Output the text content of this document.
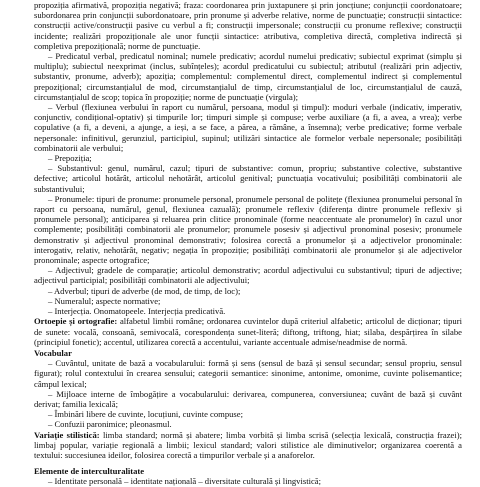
propoziția afirmativă, propoziția negativă; fraza: coordonarea prin juxtapunere și prin joncțiune; conjuncții coordonatoare; subordonarea prin conjuncții subordonatoare, prin pronume și adverbe relative, norme de punctuație; construcții sintactice: construcții active/construcții pasive cu verbul a fi; construcții impersonale; construcții cu pronume reflexive; construcții incidente; realizări propoziționale ale unor funcții sintactice: atributiva, completiva directă, completiva indirectă și completiva prepozițională; norme de punctuație.

– Predicatul verbal, predicatul nominal; numele predicativ; acordul numelui predicativ; subiectul exprimat (simplu și multiplu); subiectul neexprimat (inclus, subînțeles); acordul predicatului cu subiectul; atributul (realizări prin adjectiv, substantiv, pronume, adverb); apoziția; complementul: complementul direct, complementul indirect și complementul prepozițional; circumstanțialul de mod, circumstanțialul de timp, circumstanțialul de loc, circumstanțialul de cauză, circumstanțialul de scop; topica în propoziție; norme de punctuație (virgula);

– Verbul (flexiunea verbului în raport cu numărul, persoana, modul și timpul): moduri verbale (indicativ, imperativ, conjunctiv, condițional-optativ) și timpurile lor; timpuri simple și compuse; verbe auxiliare (a fi, a avea, a vrea); verbe copulative (a fi, a deveni, a ajunge, a ieși, a se face, a părea, a rămâne, a însemna); verbe predicative; forme verbale nepersonale: infinitivul, gerunziul, participiul, supinul; utilizări sintactice ale formelor verbale nepersonale; posibilități combinatorii ale verbului;

– Prepoziția;

– Substantivul: genul, numărul, cazul; tipuri de substantive: comun, propriu; substantive colective, substantive defective; articolul hotărât, articolul nehotărât, articolul genitival; punctuația vocativului; posibilități combinatorii ale substantivului;

– Pronumele: tipuri de pronume: pronumele personal, pronumele personal de politețe (flexiunea pronumelui personal în raport cu persoana, numărul, genul, flexiunea cazuală); pronumele reflexiv (diferența dintre pronumele reflexiv și pronumele personal); anticiparea și reluarea prin clitice pronominale (forme neaccentuate ale pronumelor) în cazul unor complemente; posibilități combinatorii ale pronumelor; pronumele posesiv și adjectivul pronominal posesiv; pronumele demonstrativ și adjectivul pronominal demonstrativ; folosirea corectă a pronumelor și a adjectivelor pronominale: interogativ, relativ, nehotărât, negativ; negația în propoziție; posibilități combinatorii ale pronumelor și ale adjectivelor pronominale; aspecte ortografice;

– Adjectivul; gradele de comparație; articolul demonstrativ; acordul adjectivului cu substantivul; tipuri de adjective; adjectivul participial; posibilități combinatorii ale adjectivului;

– Adverbul; tipuri de adverbe (de mod, de timp, de loc);

– Numeralul; aspecte normative;

– Interjecția. Onomatopeele. Interjecția predicativă.

Ortoepie și ortografie: alfabetul limbii române; ordonarea cuvintelor după criteriul alfabetic; articolul de dicționar; tipuri de sunete: vocală, consoană, semivocală, corespondența sunet-literă; diftong, triftong, hiat; silaba, despărțirea în silabe (principiul fonetic); accentul, utilizarea corectă a accentului, variante accentuale admise/neadmise de normă.

Vocabular

– Cuvântul, unitate de bază a vocabularului: formă și sens (sensul de bază și sensul secundar; sensul propriu, sensul figurat); rolul contextului în crearea sensului; categorii semantice: sinonime, antonime, omonime, cuvinte polisemantice; câmpul lexical;

– Mijloace interne de îmbogățire a vocabularului: derivarea, compunerea, conversiunea; cuvânt de bază și cuvânt derivat; familia lexicală;

– Îmbinări libere de cuvinte, locuțiuni, cuvinte compuse;

– Confuzii paronimice; pleonasmul.

Variație stilistică: limba standard; normă și abatere; limba vorbită și limba scrisă (selecția lexicală, construcția frazei); limbaj popular, variație regională a limbii; lexicul standard; valori stilistice ale diminutivelor; organizarea coerentă a textului: succesiunea ideilor, folosirea corectă a timpurilor verbale și a anaforelor.

Elemente de interculturalitate

– Identitate personală – identitate națională – diversitate culturală și lingvistică;
